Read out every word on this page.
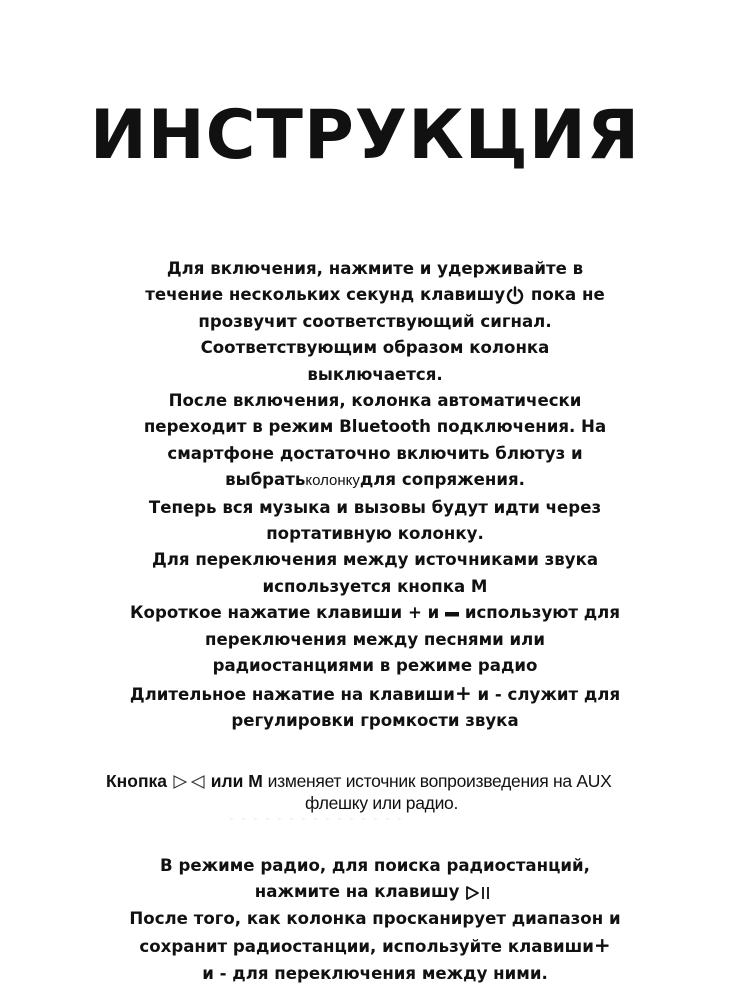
ИНСТРУКЦИЯ
Для включения, нажмите и удерживайте в
течение нескольких секунд клавишу
пока не
прозвучит соответствующий сигнал.
Соответствующим образом колонка
выключается.
После включения, колонка автоматически
переходит в режим Bluetooth подключения. На
смартфоне достаточно включить блютуз и
выбратьколонкудля сопряжения.
Теперь вся музыка и вызовы будут идти через
портативную колонку.
Для переключения между источниками звука
используется кнопка М
Короткое нажатие клавиши + и
используют для
переключения между песнями или
радиостанциями в режиме радио
Длительное нажатие на клавиши+ и - служит для
регулировки громкости звука
Кнопка
или М изменяет источник вопроизведения на AUX
флешку или радио.
В режиме радио, для поиска радиостанций,
нажмите на клавишу
После того, как колонка просканирует диапазон и
сохранит радиостанции, используйте клавиши+
и - для переключения между ними.
